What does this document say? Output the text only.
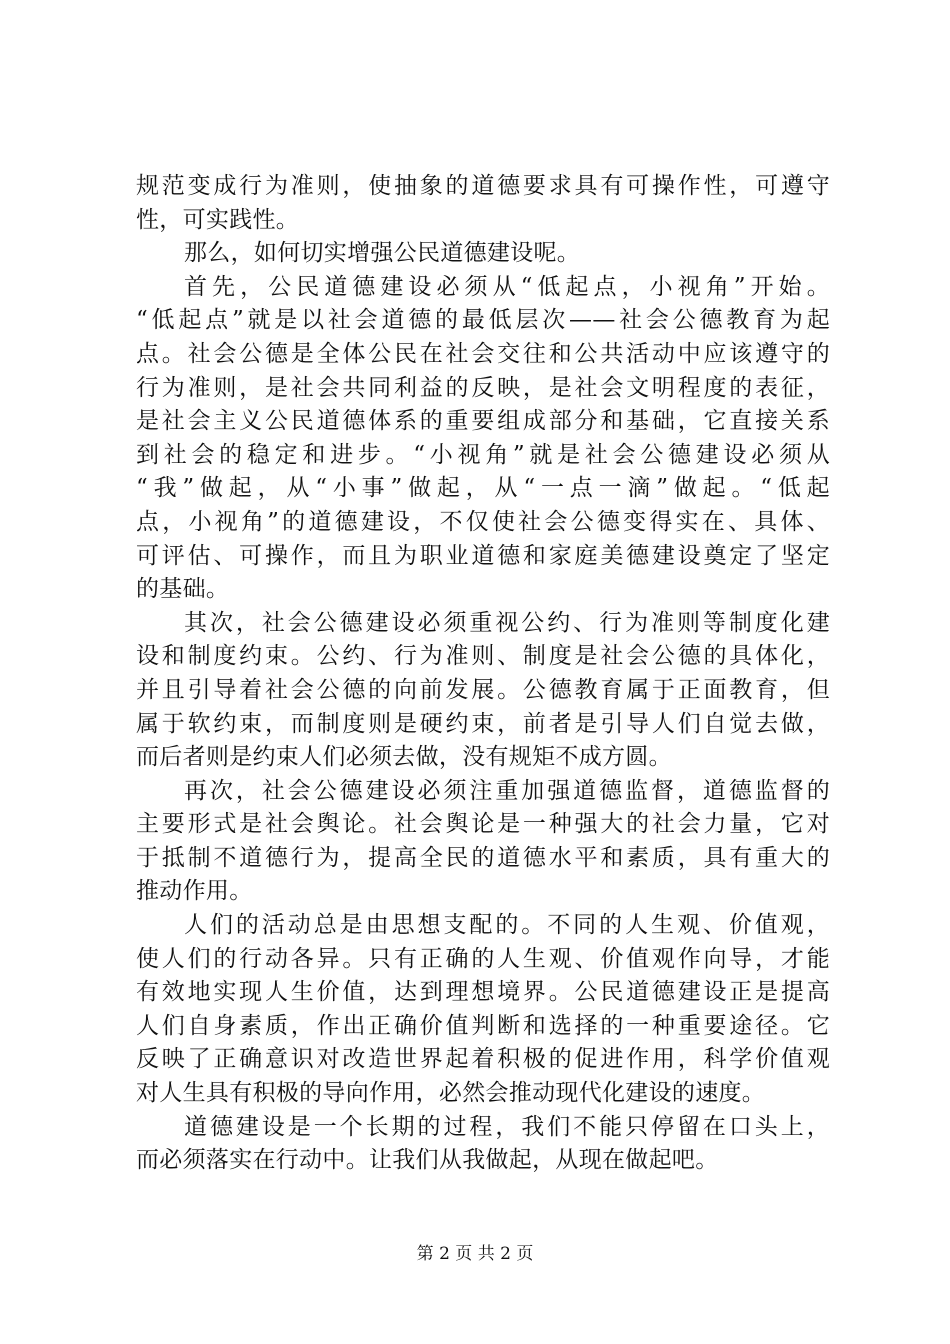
规范变成行为准则，使抽象的道德要求具有可操作性，可遵守
性，可实践性。
那么，如何切实增强公民道德建设呢。
首先，公民道德建设必须从“低起点，小视角”开始。
“低起点”就是以社会道德的最低层次——社会公德教育为起
点。社会公德是全体公民在社会交往和公共活动中应该遵守的
行为准则，是社会共同利益的反映，是社会文明程度的表征，
是社会主义公民道德体系的重要组成部分和基础，它直接关系
到社会的稳定和进步。“小视角”就是社会公德建设必须从
“我”做起，从“小事”做起，从“一点一滴”做起。“低起
点，小视角”的道德建设，不仅使社会公德变得实在、具体、
可评估、可操作，而且为职业道德和家庭美德建设奠定了坚定
的基础。
其次，社会公德建设必须重视公约、行为准则等制度化建
设和制度约束。公约、行为准则、制度是社会公德的具体化，
并且引导着社会公德的向前发展。公德教育属于正面教育，但
属于软约束，而制度则是硬约束，前者是引导人们自觉去做，
而后者则是约束人们必须去做，没有规矩不成方圆。
再次，社会公德建设必须注重加强道德监督，道德监督的
主要形式是社会舆论。社会舆论是一种强大的社会力量，它对
于抵制不道德行为，提高全民的道德水平和素质，具有重大的
推动作用。
人们的活动总是由思想支配的。不同的人生观、价值观，
使人们的行动各异。只有正确的人生观、价值观作向导，才能
有效地实现人生价值，达到理想境界。公民道德建设正是提高
人们自身素质，作出正确价值判断和选择的一种重要途径。它
反映了正确意识对改造世界起着积极的促进作用，科学价值观
对人生具有积极的导向作用，必然会推动现代化建设的速度。
道德建设是一个长期的过程，我们不能只停留在口头上，
而必须落实在行动中。让我们从我做起，从现在做起吧。
第 2 页 共 2 页
